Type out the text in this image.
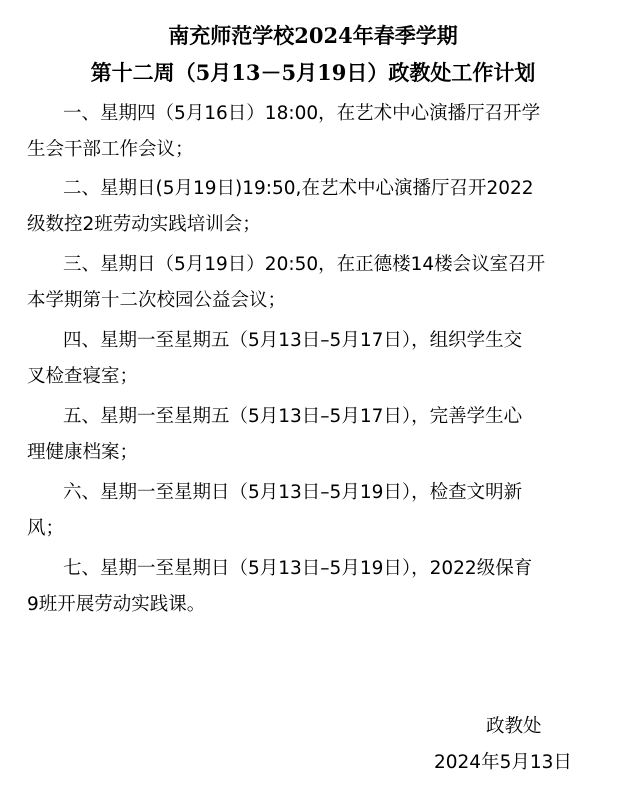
南充师范学校2024年春季学期
第十二周（5月13－5月19日）政教处工作计划
一、星期四（5月16日）18:00，在艺术中心演播厅召开学
生会干部工作会议；
二、星期日(5月19日)19:50,在艺术中心演播厅召开2022
级数控2班劳动实践培训会；
三、星期日（5月19日）20:50，在正德楼14楼会议室召开
本学期第十二次校园公益会议；
四、星期一至星期五（5月13日–5月17日），组织学生交
叉检查寝室；
五、星期一至星期五（5月13日–5月17日），完善学生心
理健康档案；
六、星期一至星期日（5月13日–5月19日），检查文明新
风；
七、星期一至星期日（5月13日–5月19日），2022级保育
9班开展劳动实践课。
政教处
2024年5月13日
